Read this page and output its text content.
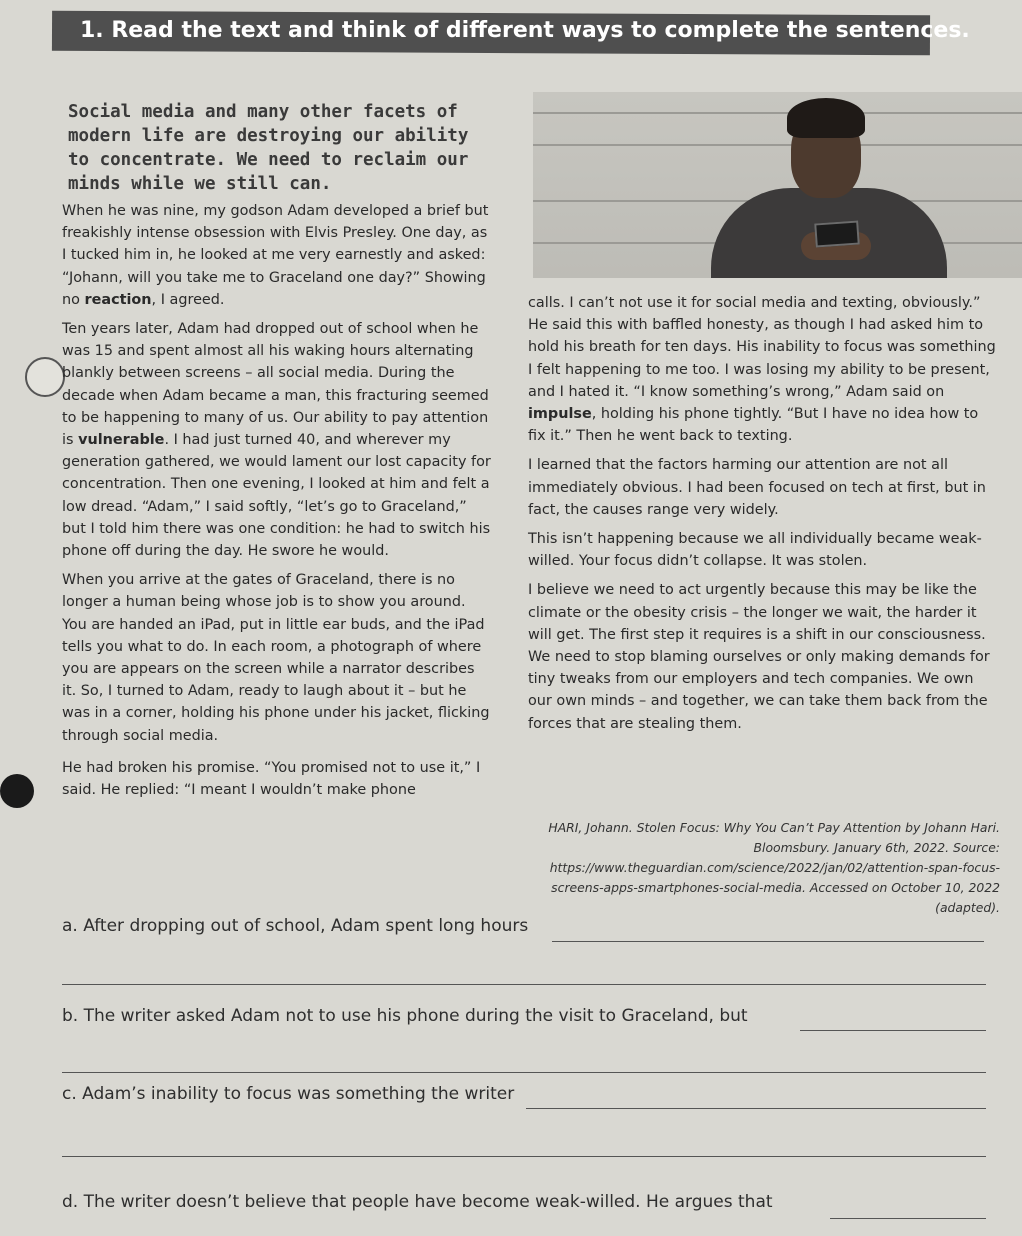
1. Read the text and think of different ways to complete the sentences.
Social media and many other facets of modern life are destroying our ability to concentrate. We need to reclaim our minds while we still can.

When he was nine, my godson Adam developed a brief but freakishly intense obsession with Elvis Presley. One day, as I tucked him in, he looked at me very earnestly and asked: “Johann, will you take me to Graceland one day?” Showing no reaction, I agreed.

Ten years later, Adam had dropped out of school when he was 15 and spent almost all his waking hours alternating blankly between screens – all social media. During the decade when Adam became a man, this fracturing seemed to be happening to many of us. Our ability to pay attention is vulnerable. I had just turned 40, and wherever my generation gathered, we would lament our lost capacity for concentration. Then one evening, I looked at him and felt a low dread. “Adam,” I said softly, “let’s go to Graceland,” but I told him there was one condition: he had to switch his phone off during the day. He swore he would.

When you arrive at the gates of Graceland, there is no longer a human being whose job is to show you around. You are handed an iPad, put in little ear buds, and the iPad tells you what to do. In each room, a photograph of where you are appears on the screen while a narrator describes it. So, I turned to Adam, ready to laugh about it – but he was in a corner, holding his phone under his jacket, flicking through social media.

He had broken his promise. “You promised not to use it,” I said. He replied: “I meant I wouldn’t make phone

calls. I can’t not use it for social media and texting, obviously.” He said this with baffled honesty, as though I had asked him to hold his breath for ten days. His inability to focus was something I felt happening to me too. I was losing my ability to be present, and I hated it. “I know something’s wrong,” Adam said on impulse, holding his phone tightly. “But I have no idea how to fix it.” Then he went back to texting.

I learned that the factors harming our attention are not all immediately obvious. I had been focused on tech at first, but in fact, the causes range very widely.

This isn’t happening because we all individually became weak-willed. Your focus didn’t collapse. It was stolen.

I believe we need to act urgently because this may be like the climate or the obesity crisis – the longer we wait, the harder it will get. The first step it requires is a shift in our consciousness. We need to stop blaming ourselves or only making demands for tiny tweaks from our employers and tech companies. We own our own minds – and together, we can take them back from the forces that are stealing them.

HARI, Johann. Stolen Focus: Why You Can’t Pay Attention by Johann Hari. Bloomsbury. January 6th, 2022. Source: https://www.theguardian.com/science/2022/jan/02/attention-span-focus-screens-apps-smartphones-social-media. Accessed on October 10, 2022 (adapted).
a. After dropping out of school, Adam spent long hours
b. The writer asked Adam not to use his phone during the visit to Graceland, but
c. Adam’s inability to focus was something the writer
d. The writer doesn’t believe that people have become weak-willed. He argues that
